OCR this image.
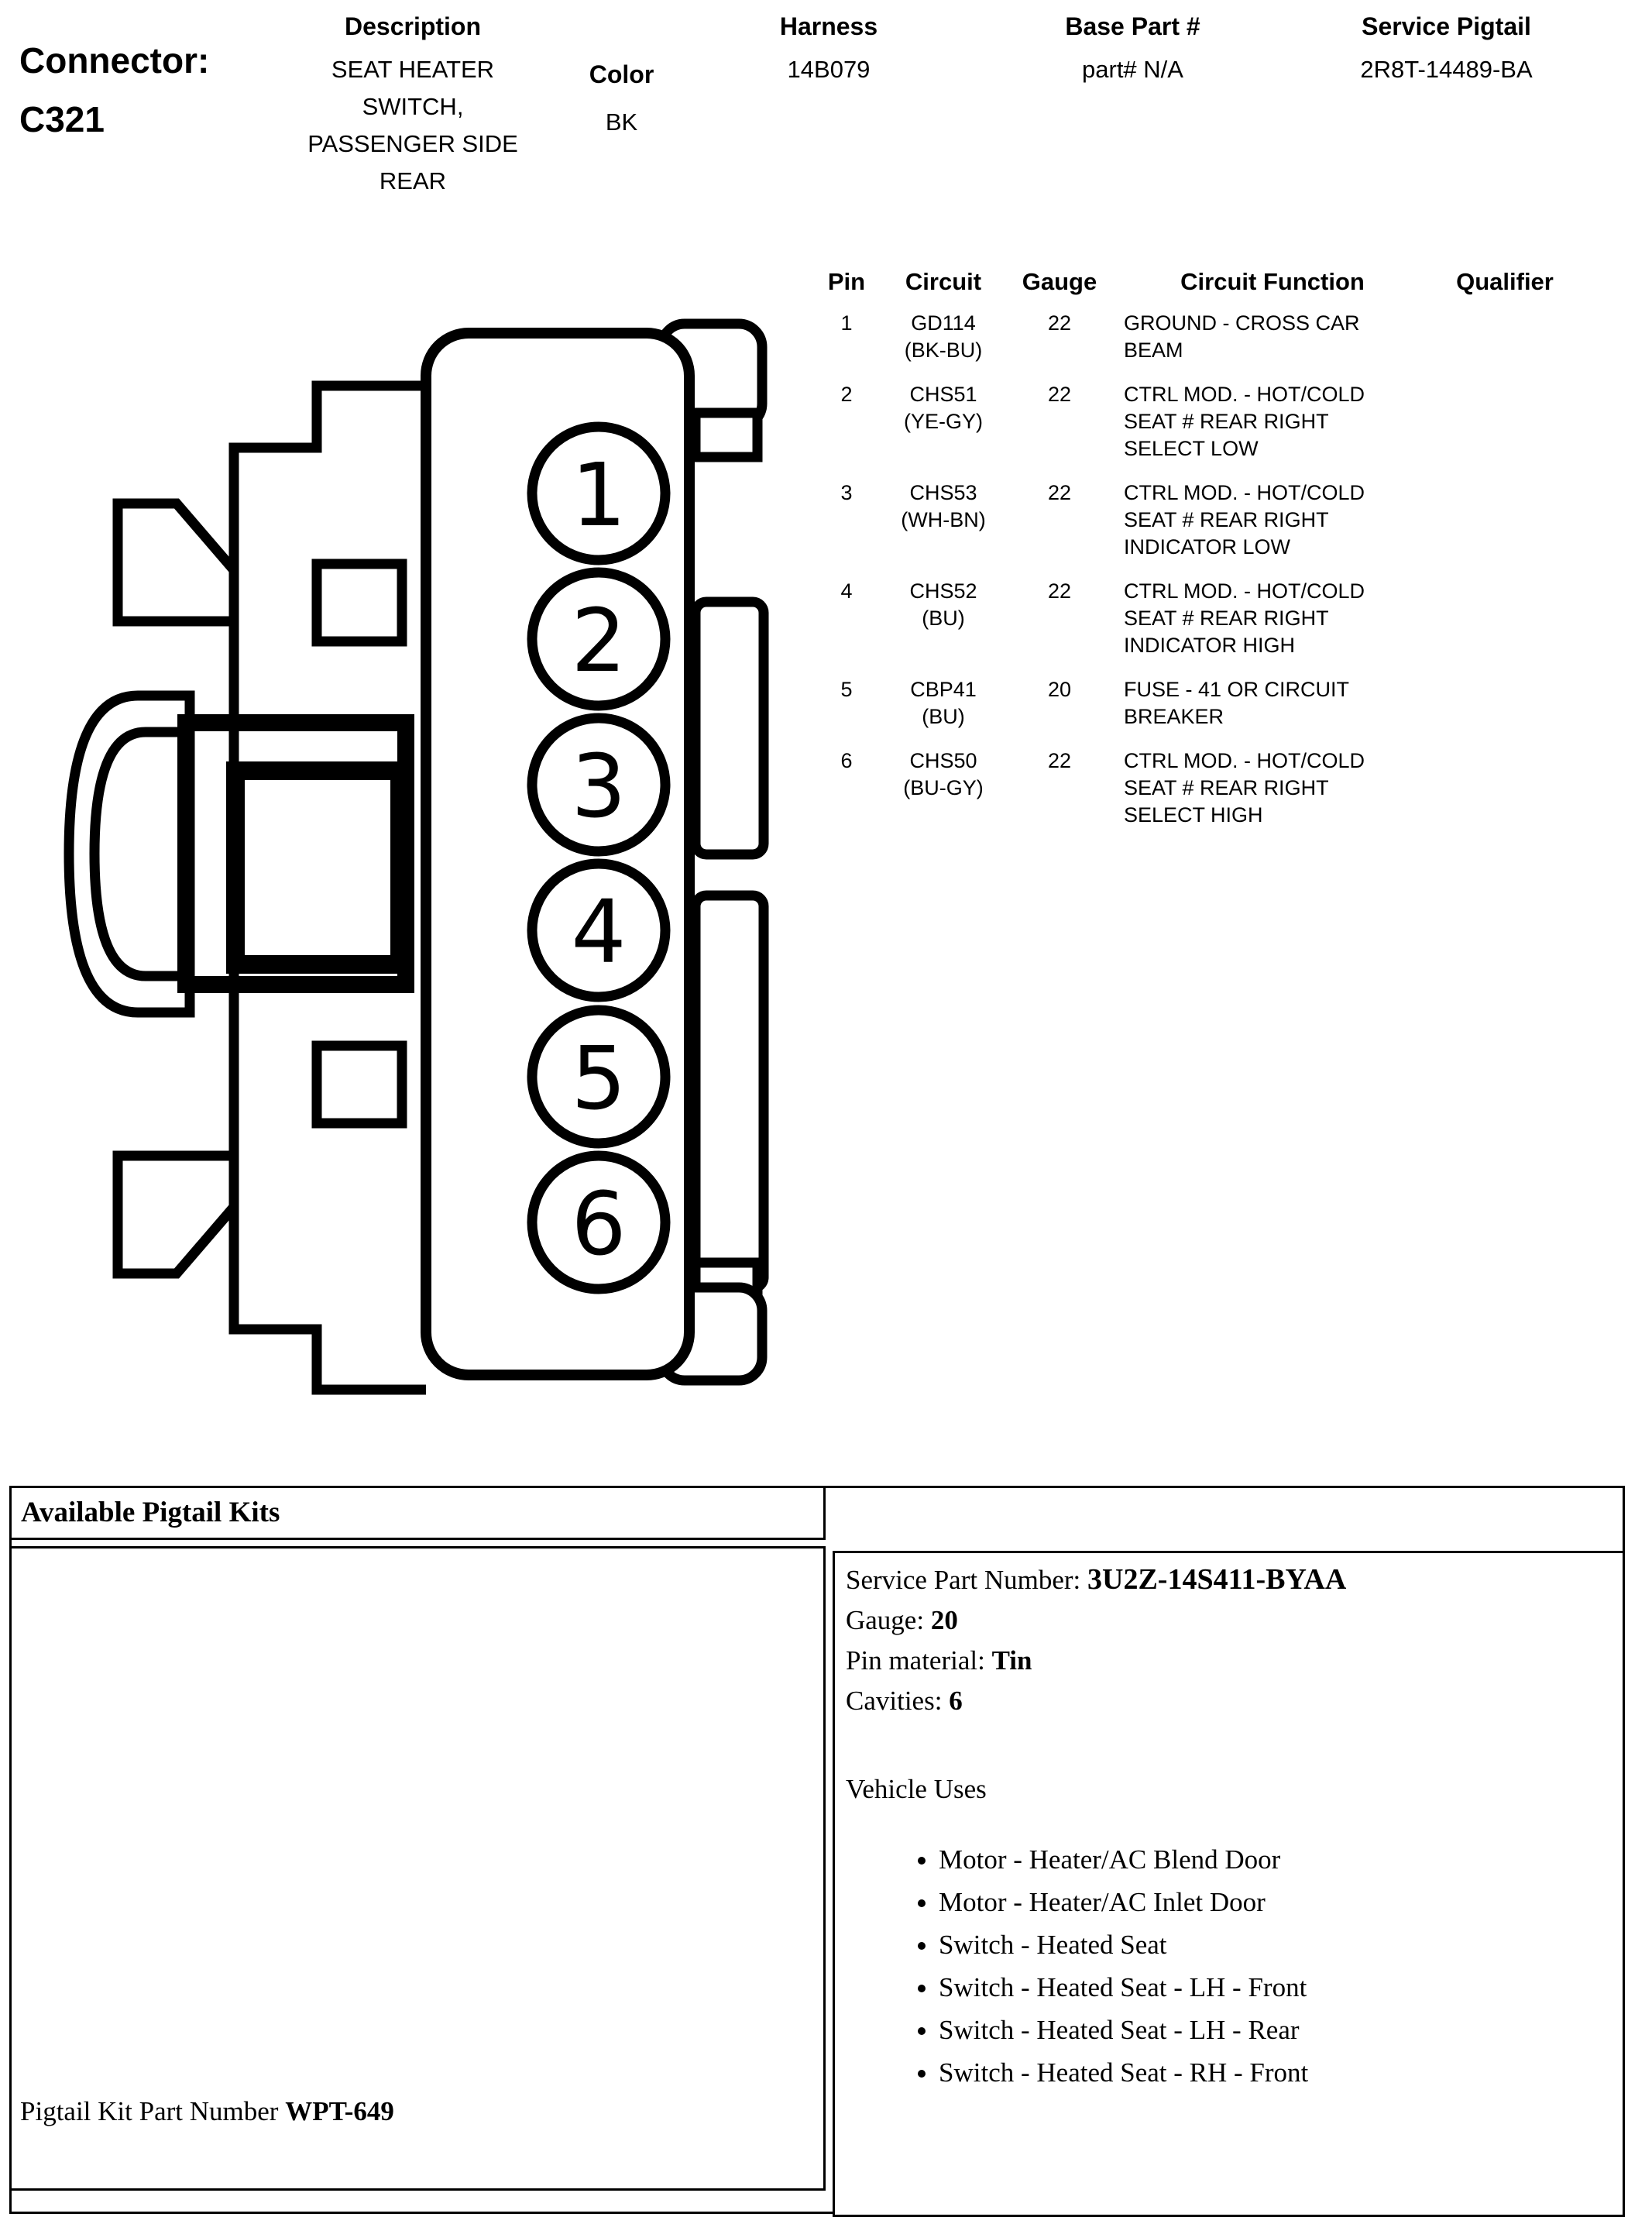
Connector:
C321
Description
SEAT HEATER
SWITCH,
PASSENGER SIDE
REAR
Color
BK
Harness
14B079
Base Part #
part# N/A
Service Pigtail
2R8T-14489-BA
1
2
3
4
5
6
Pin	Circuit	Gauge	Circuit Function	Qualifier
1	GD114
(BK-BU)
22	GROUND - CROSS CAR BEAM
2	CHS51
(YE-GY)
22	CTRL MOD. - HOT/COLD SEAT # REAR RIGHT SELECT LOW
3	CHS53
(WH-BN)
22	CTRL MOD. - HOT/COLD SEAT # REAR RIGHT INDICATOR LOW
4	CHS52
(BU)
22	CTRL MOD. - HOT/COLD SEAT # REAR RIGHT INDICATOR HIGH
5	CBP41
(BU)
20	FUSE - 41 OR CIRCUIT BREAKER
6	CHS50
(BU-GY)
22	CTRL MOD. - HOT/COLD SEAT # REAR RIGHT SELECT HIGH
Available Pigtail Kits
Pigtail Kit Part Number WPT-649
Service Part Number: 3U2Z-14S411-BYAA
Gauge: 20
Pin material: Tin
Cavities: 6
Vehicle Uses
• Motor - Heater/AC Blend Door
• Motor - Heater/AC Inlet Door
• Switch - Heated Seat
• Switch - Heated Seat - LH - Front
• Switch - Heated Seat - LH - Rear
• Switch - Heated Seat - RH - Front
